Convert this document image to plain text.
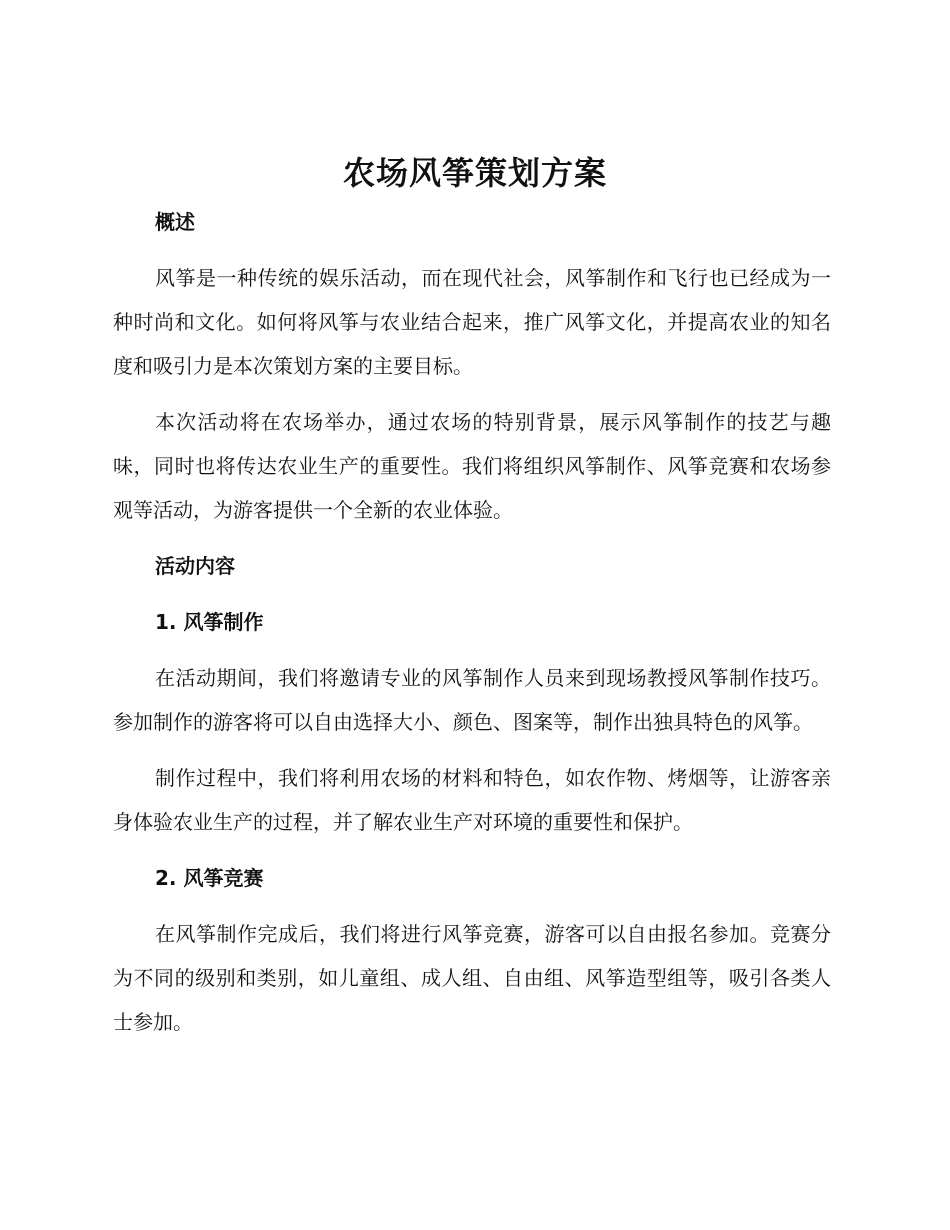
农场风筝策划方案

概述

风筝是一种传统的娱乐活动，而在现代社会，风筝制作和飞行也已经成为一种时尚和文化。如何将风筝与农业结合起来，推广风筝文化，并提高农业的知名度和吸引力是本次策划方案的主要目标。

本次活动将在农场举办，通过农场的特别背景，展示风筝制作的技艺与趣味，同时也将传达农业生产的重要性。我们将组织风筝制作、风筝竞赛和农场参观等活动，为游客提供一个全新的农业体验。

活动内容

1. 风筝制作

在活动期间，我们将邀请专业的风筝制作人员来到现场教授风筝制作技巧。参加制作的游客将可以自由选择大小、颜色、图案等，制作出独具特色的风筝。

制作过程中，我们将利用农场的材料和特色，如农作物、烤烟等，让游客亲身体验农业生产的过程，并了解农业生产对环境的重要性和保护。

2. 风筝竞赛

在风筝制作完成后，我们将进行风筝竞赛，游客可以自由报名参加。竞赛分为不同的级别和类别，如儿童组、成人组、自由组、风筝造型组等，吸引各类人士参加。
